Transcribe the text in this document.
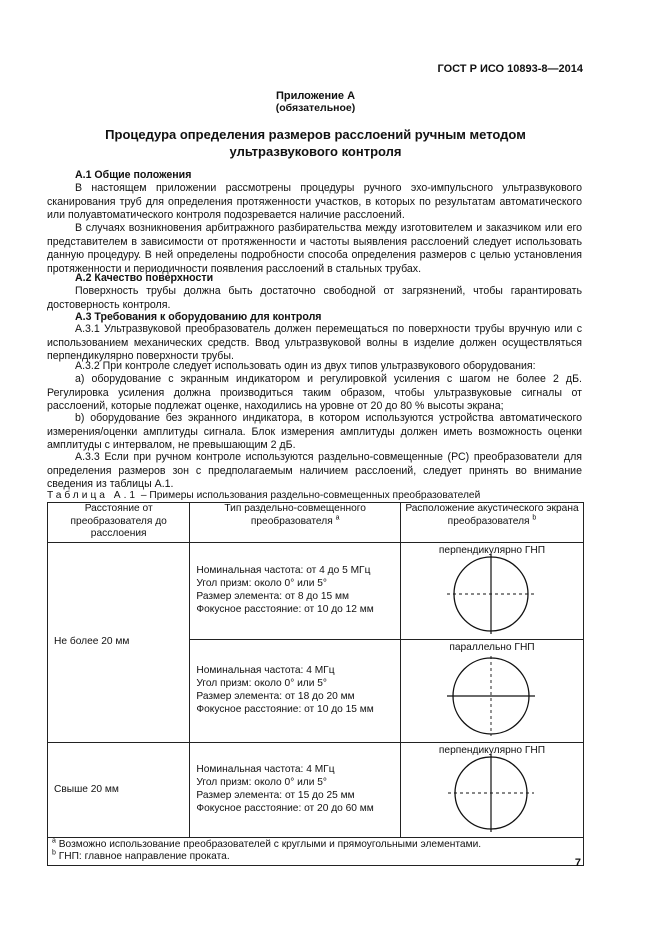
ГОСТ Р ИСО 10893-8—2014
Приложение А
(обязательное)
Процедура определения размеров расслоений ручным методом
ультразвукового контроля
А.1 Общие положения
В настоящем приложении рассмотрены процедуры ручного эхо-импульсного ультразвукового сканирования труб для определения протяженности участков, в которых по результатам автоматического или полуавтоматического контроля подозревается наличие расслоений.
В случаях возникновения арбитражного разбирательства между изготовителем и заказчиком или его представителем в зависимости от протяженности и частоты выявления расслоений следует использовать данную процедуру. В ней определены подробности способа определения размеров с целью установления протяженности и периодичности появления расслоений в стальных трубах.
А.2 Качество поверхности
Поверхность трубы должна быть достаточно свободной от загрязнений, чтобы гарантировать достоверность контроля.
А.3 Требования к оборудованию для контроля
А.3.1 Ультразвуковой преобразователь должен перемещаться по поверхности трубы вручную или с использованием механических средств. Ввод ультразвуковой волны в изделие должен осуществляться перпендикулярно поверхности трубы.
А.3.2 При контроле следует использовать один из двух типов ультразвукового оборудования:
а) оборудование с экранным индикатором и регулировкой усиления с шагом не более 2 дБ. Регулировка усиления должна производиться таким образом, чтобы ультразвуковые сигналы от расслоений, которые подлежат оценке, находились на уровне от 20 до 80 % высоты экрана;
b) оборудование без экранного индикатора, в котором используются устройства автоматического измерения/оценки амплитуды сигнала. Блок измерения амплитуды должен иметь возможность оценки амплитуды с интервалом, не превышающим 2 дБ.
А.3.3 Если при ручном контроле используются раздельно-совмещенные (РС) преобразователи для определения размеров зон с предполагаемым наличием расслоений, следует принять во внимание сведения из таблицы А.1.
Таблица А.1 – Примеры использования раздельно-совмещенных преобразователей
Расстояние от преобразователя до расслоения	Тип раздельно-совмещенного преобразователя $^a$	Расположение акустического экрана преобразователя $^b$
Не более 20 мм	Номинальная частота: от 4 до 5 МГц
Угол призм: около 0° или 5°
Размер элемента: от 8 до 15 мм
Фокусное расстояние: от 10 до 12 мм	перпендикулярно ГНП

	Номинальная частота: 4 МГц
Угол призм: около 0° или 5°
Размер элемента: от 18 до 20 мм
Фокусное расстояние: от 10 до 15 мм	параллельно ГНП

Свыше 20 мм	Номинальная частота: 4 МГц
Угол призм: около 0° или 5°
Размер элемента: от 15 до 25 мм
Фокусное расстояние: от 20 до 60 мм	перпендикулярно ГНП

$^a$ Возможно использование преобразователей с круглыми и прямоугольными элементами.
$^b$ ГНП: главное направление проката.		
7
